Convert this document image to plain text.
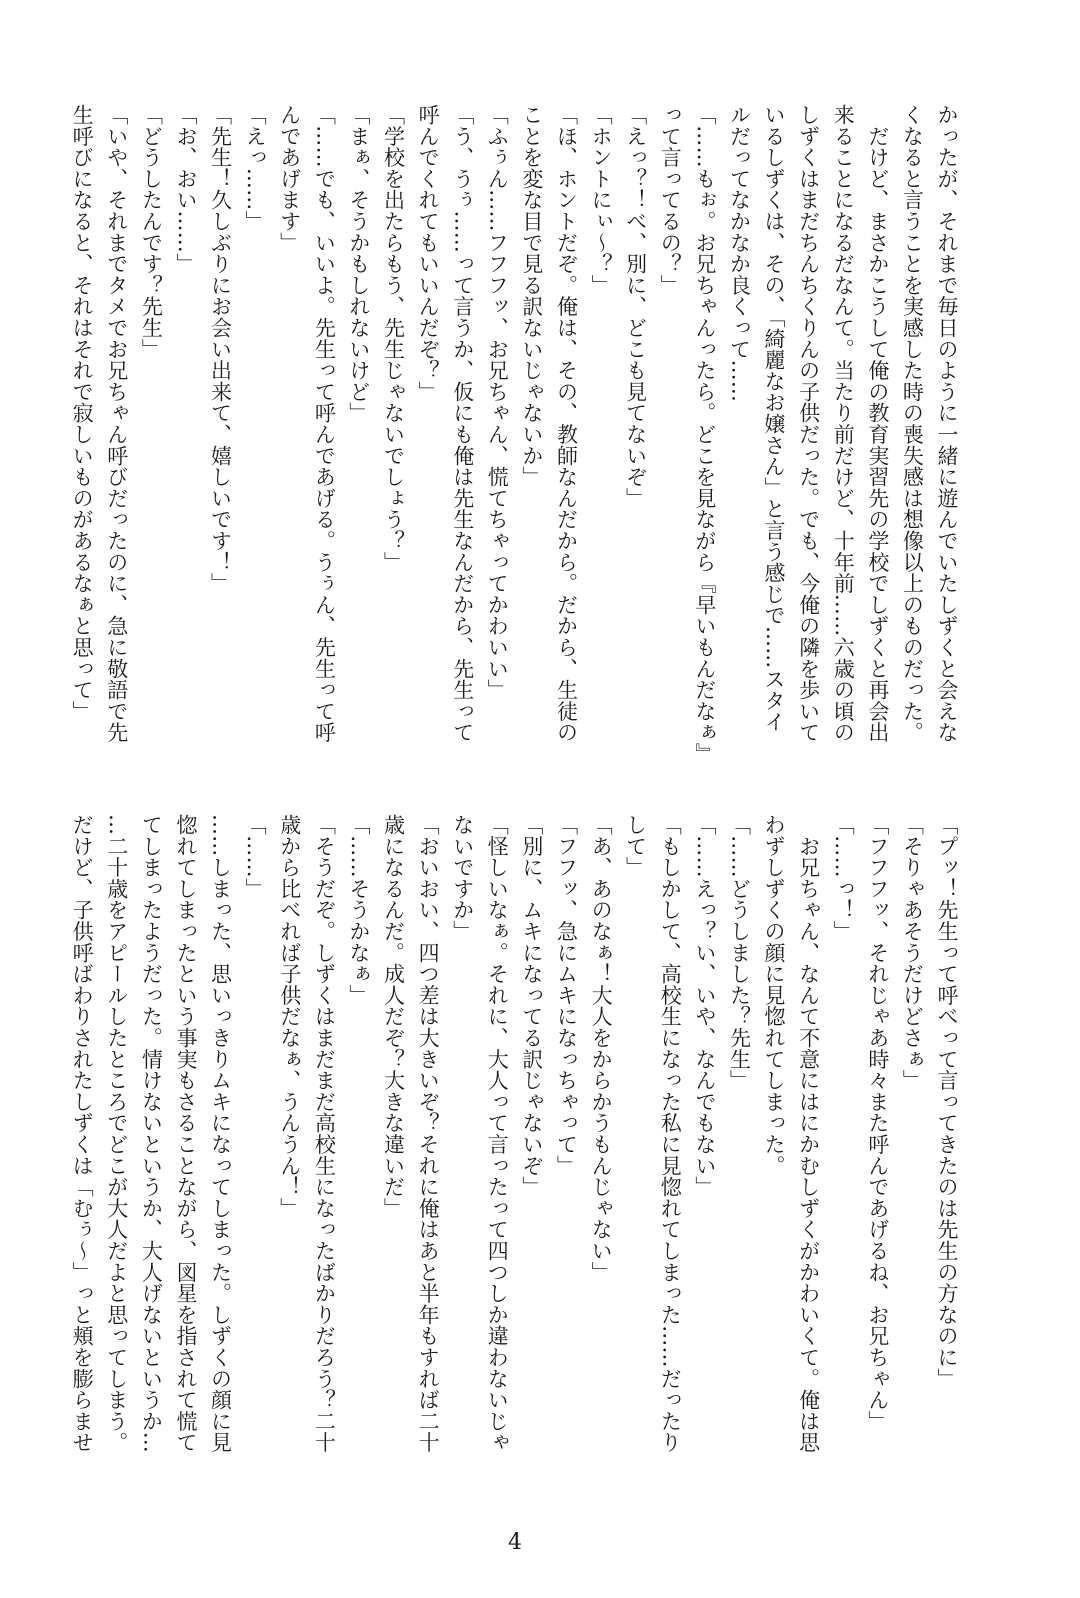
かったが、それまで毎日のように一緒に遊んでいたしずくと会えな
くなると言うことを実感した時の喪失感は想像以上のものだった。
　だけど、まさかこうして俺の教育実習先の学校でしずくと再会出
来ることになるだなんて。当たり前だけど、十年前……六歳の頃の
しずくはまだちんちくりんの子供だった。でも、今俺の隣を歩いて
いるしずくは、その、「綺麗なお嬢さん」と言う感じで……スタイ
ルだってなかなか良くって……
「……もぉ。お兄ちゃんったら。どこを見ながら『早いもんだなぁ』
って言ってるの？」
「えっ？！べ、別に、どこも見てないぞ」
「ホントにぃ～？」
「ほ、ホントだぞ。俺は、その、教師なんだから。だから、生徒の
ことを変な目で見る訳ないじゃないか」
「ふぅん……フフフッ、お兄ちゃん、慌てちゃってかわいい」
「う、うぅ……って言うか、仮にも俺は先生なんだから、先生って
呼んでくれてもいいんだぞ？」
「学校を出たらもう、先生じゃないでしょう？」
「まぁ、そうかもしれないけど」
「……でも、いいよ。先生って呼んであげる。うぅん、先生って呼
んであげます」
「えっ……」
「先生！久しぶりにお会い出来て、嬉しいです！」
「お、おい……」
「どうしたんです？先生」
「いや、それまでタメでお兄ちゃん呼びだったのに、急に敬語で先
生呼びになると、それはそれで寂しいものがあるなぁと思って」
「プッ！先生って呼べって言ってきたのは先生の方なのに」
「そりゃあそうだけどさぁ」
「フフフッ、それじゃあ時々また呼んであげるね、お兄ちゃん」
「……っ！」
　お兄ちゃん、なんて不意にはにかむしずくがかわいくて。俺は思
わずしずくの顔に見惚れてしまった。
「……どうしました？先生」
「……えっ？い、いや、なんでもない」
「もしかして、高校生になった私に見惚れてしまった……だったり
して」
「あ、あのなぁ！大人をからかうもんじゃない」
「フフッ、急にムキになっちゃって」
「別に、ムキになってる訳じゃないぞ」
「怪しいなぁ。それに、大人って言ったって四つしか違わないじゃ
ないですか」
「おいおい、四つ差は大きいぞ？それに俺はあと半年もすれば二十
歳になるんだ。成人だぞ？大きな違いだ」
「……そうかなぁ」
「そうだぞ。しずくはまだまだ高校生になったばかりだろう？二十
歳から比べれば子供だなぁ、うんうん！」
「……」
……しまった、思いっきりムキになってしまった。しずくの顔に見
惚れてしまったという事実もさることながら、図星を指されて慌て
てしまったようだった。情けないというか、大人げないというか…
…二十歳をアピールしたところでどこが大人だよと思ってしまう。
だけど、子供呼ばわりされたしずくは「むぅ～」っと頬を膨らませ
4
